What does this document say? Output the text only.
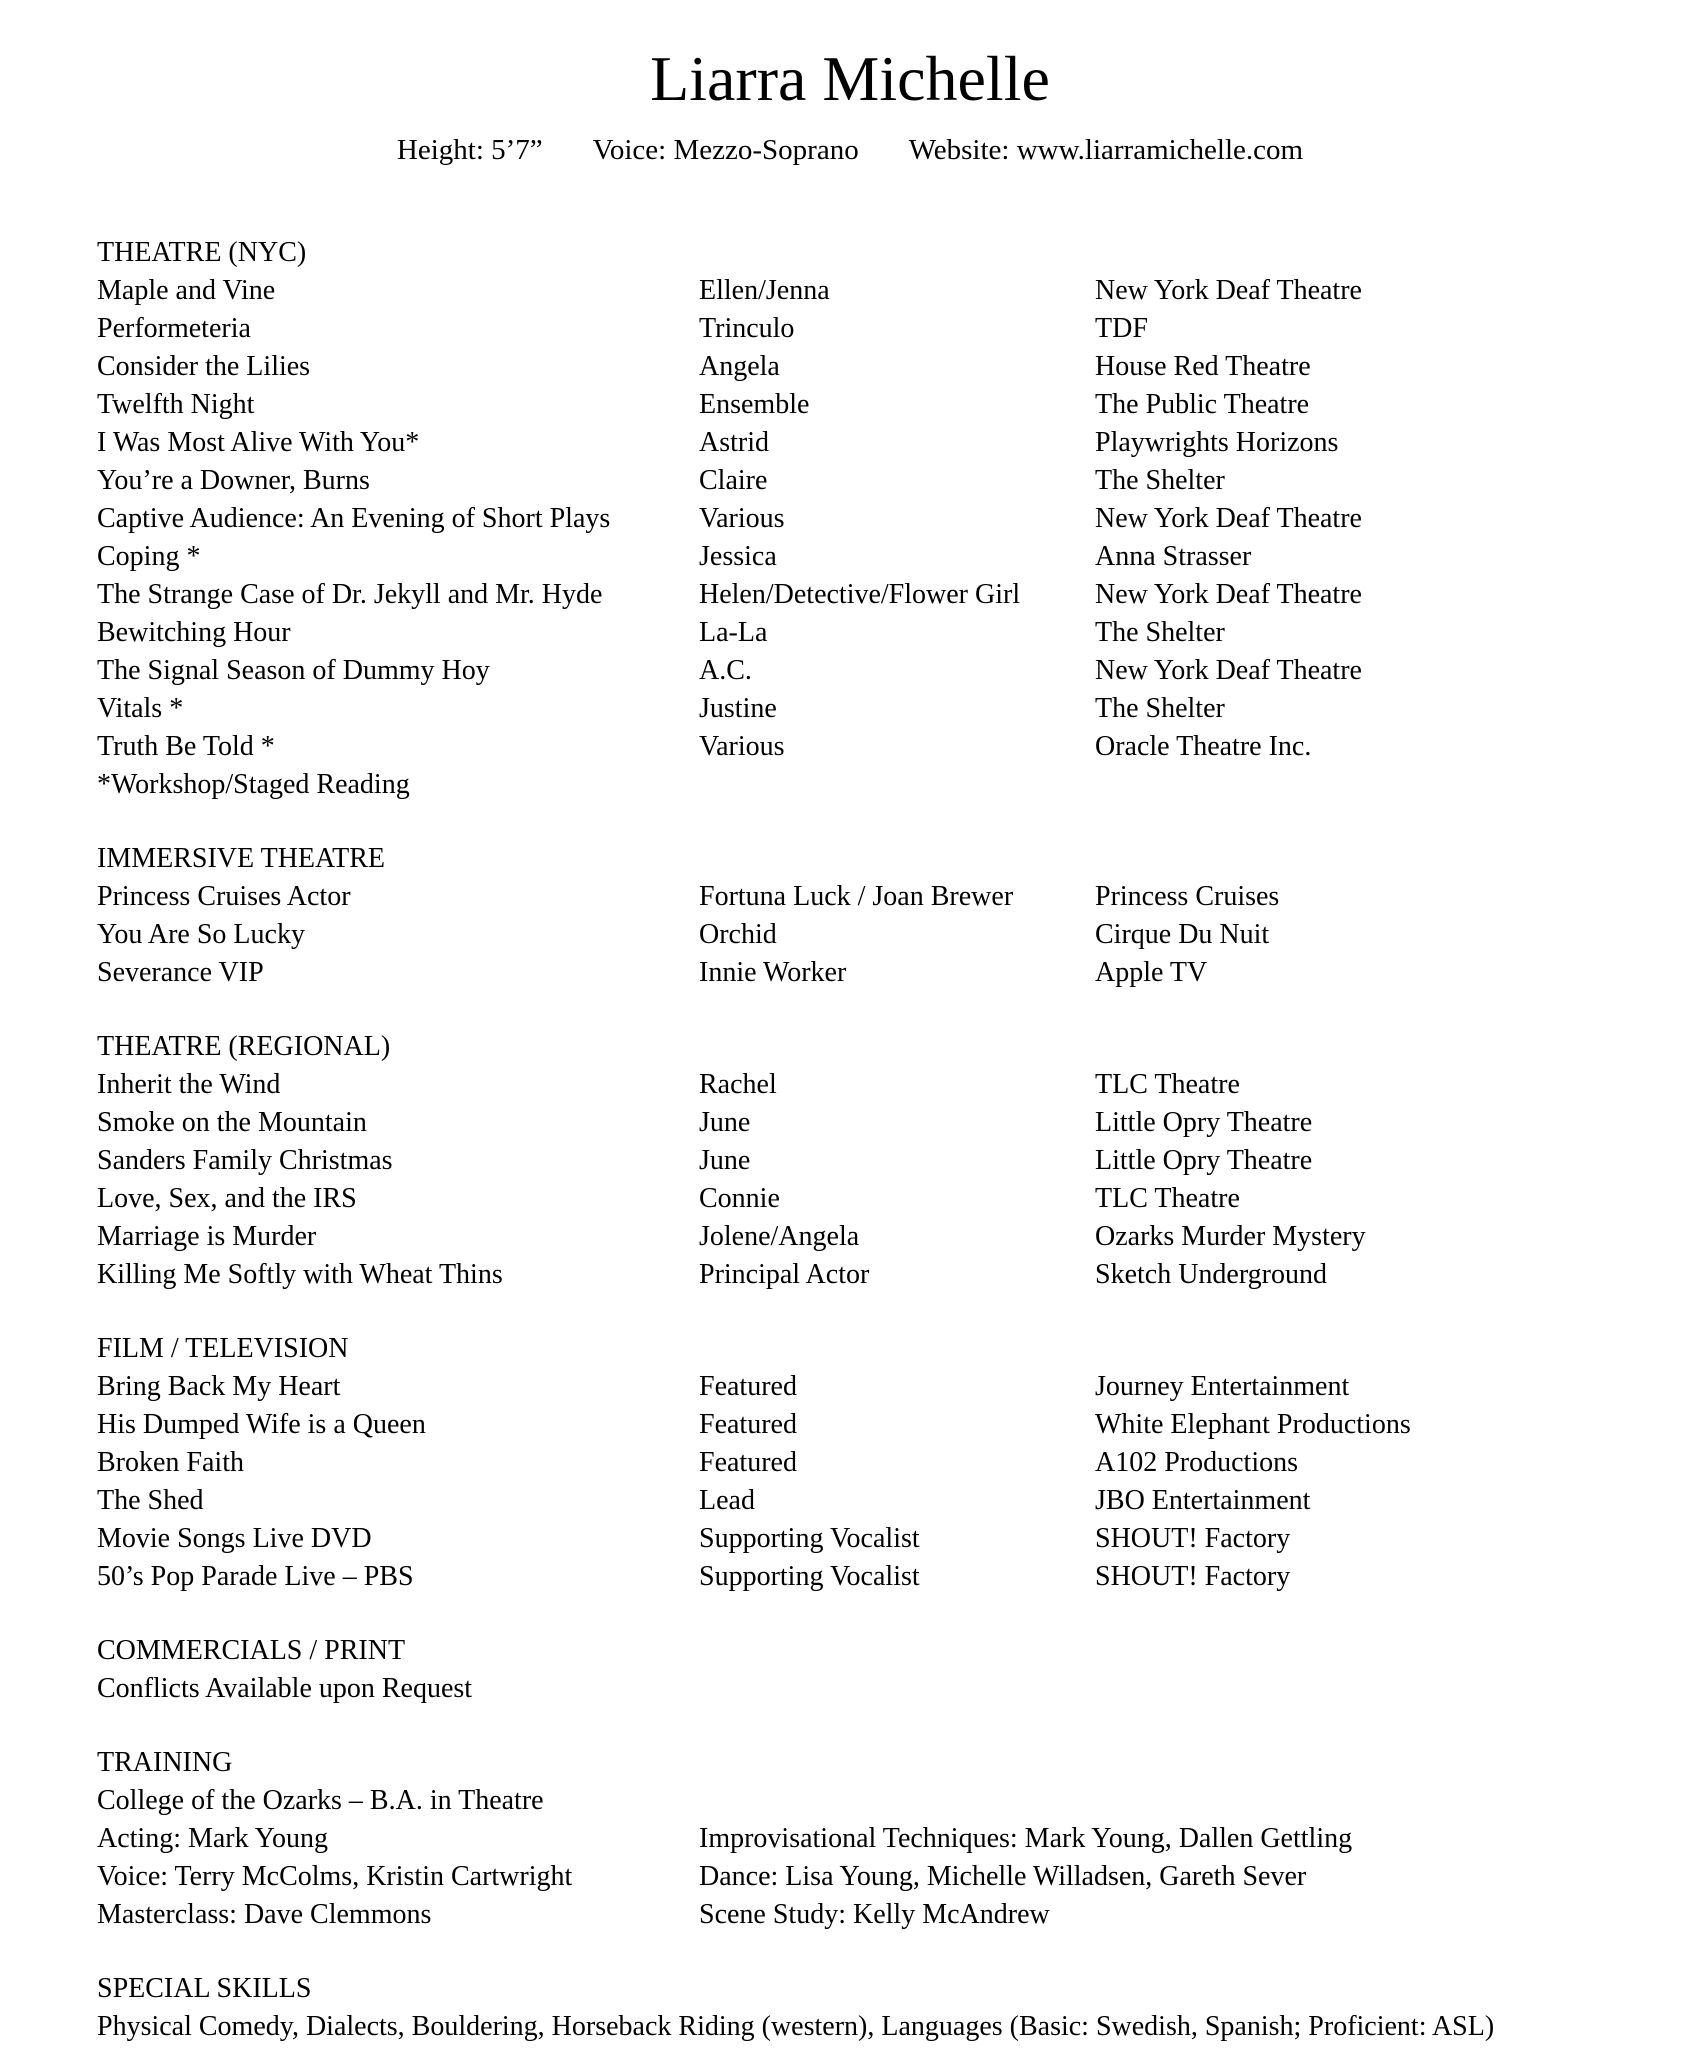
Liarra Michelle
Height: 5’7” Voice: Mezzo-Soprano Website: www.liarramichelle.com
THEATRE (NYC)
Maple and Vine	Ellen/Jenna	New York Deaf Theatre
Performeteria	Trinculo	TDF
Consider the Lilies	Angela	House Red Theatre
Twelfth Night	Ensemble	The Public Theatre
I Was Most Alive With You*	Astrid	Playwrights Horizons
You’re a Downer, Burns	Claire	The Shelter
Captive Audience: An Evening of Short Plays	Various	New York Deaf Theatre
Coping *	Jessica	Anna Strasser
The Strange Case of Dr. Jekyll and Mr. Hyde	Helen/Detective/Flower Girl	New York Deaf Theatre
Bewitching Hour	La-La	The Shelter
The Signal Season of Dummy Hoy	A.C.	New York Deaf Theatre
Vitals *	Justine	The Shelter
Truth Be Told *	Various	Oracle Theatre Inc.
*Workshop/Staged Reading
IMMERSIVE THEATRE
Princess Cruises Actor	Fortuna Luck / Joan Brewer	Princess Cruises
You Are So Lucky	Orchid	Cirque Du Nuit
Severance VIP	Innie Worker	Apple TV
THEATRE (REGIONAL)
Inherit the Wind	Rachel	TLC Theatre
Smoke on the Mountain	June	Little Opry Theatre
Sanders Family Christmas	June	Little Opry Theatre
Love, Sex, and the IRS	Connie	TLC Theatre
Marriage is Murder	Jolene/Angela	Ozarks Murder Mystery
Killing Me Softly with Wheat Thins	Principal Actor	Sketch Underground
FILM / TELEVISION
Bring Back My Heart	Featured	Journey Entertainment
His Dumped Wife is a Queen	Featured	White Elephant Productions
Broken Faith	Featured	A102 Productions
The Shed	Lead	JBO Entertainment
Movie Songs Live DVD	Supporting Vocalist	SHOUT! Factory
50’s Pop Parade Live – PBS	Supporting Vocalist	SHOUT! Factory
COMMERCIALS / PRINT
Conflicts Available upon Request
TRAINING
College of the Ozarks – B.A. in Theatre
Acting: Mark Young	Improvisational Techniques: Mark Young, Dallen Gettling
Voice: Terry McColms, Kristin Cartwright	Dance: Lisa Young, Michelle Willadsen, Gareth Sever
Masterclass: Dave Clemmons	Scene Study: Kelly McAndrew
SPECIAL SKILLS
Physical Comedy, Dialects, Bouldering, Horseback Riding (western), Languages (Basic: Swedish, Spanish; Proficient: ASL)
